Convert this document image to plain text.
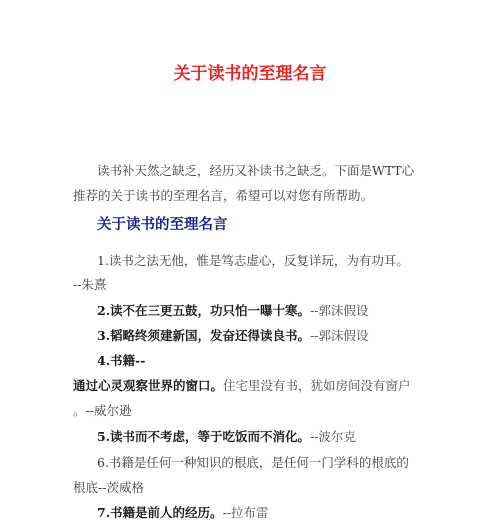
关于读书的至理名言
读书补天然之缺乏，经历又补读书之缺乏。下面是WTT心
推荐的关于读书的至理名言，希望可以对您有所帮助。
关于读书的至理名言
1.读书之法无他，惟是笃志虚心，反复详玩，为有功耳。
--朱熹
2.读不在三更五鼓，功只怕一曝十寒。--郭沫假设
3.韬略终须建新国，发奋还得读良书。--郭沫假设
4.书籍--
通过心灵观察世界的窗口。住宅里没有书，犹如房间没有窗户
。--威尔逊
5.读书而不考虑，等于吃饭而不消化。--波尔克
6.书籍是任何一种知识的根底，是任何一门学科的根底的
根底--茨威格
7.书籍是前人的经历。--拉布雷
